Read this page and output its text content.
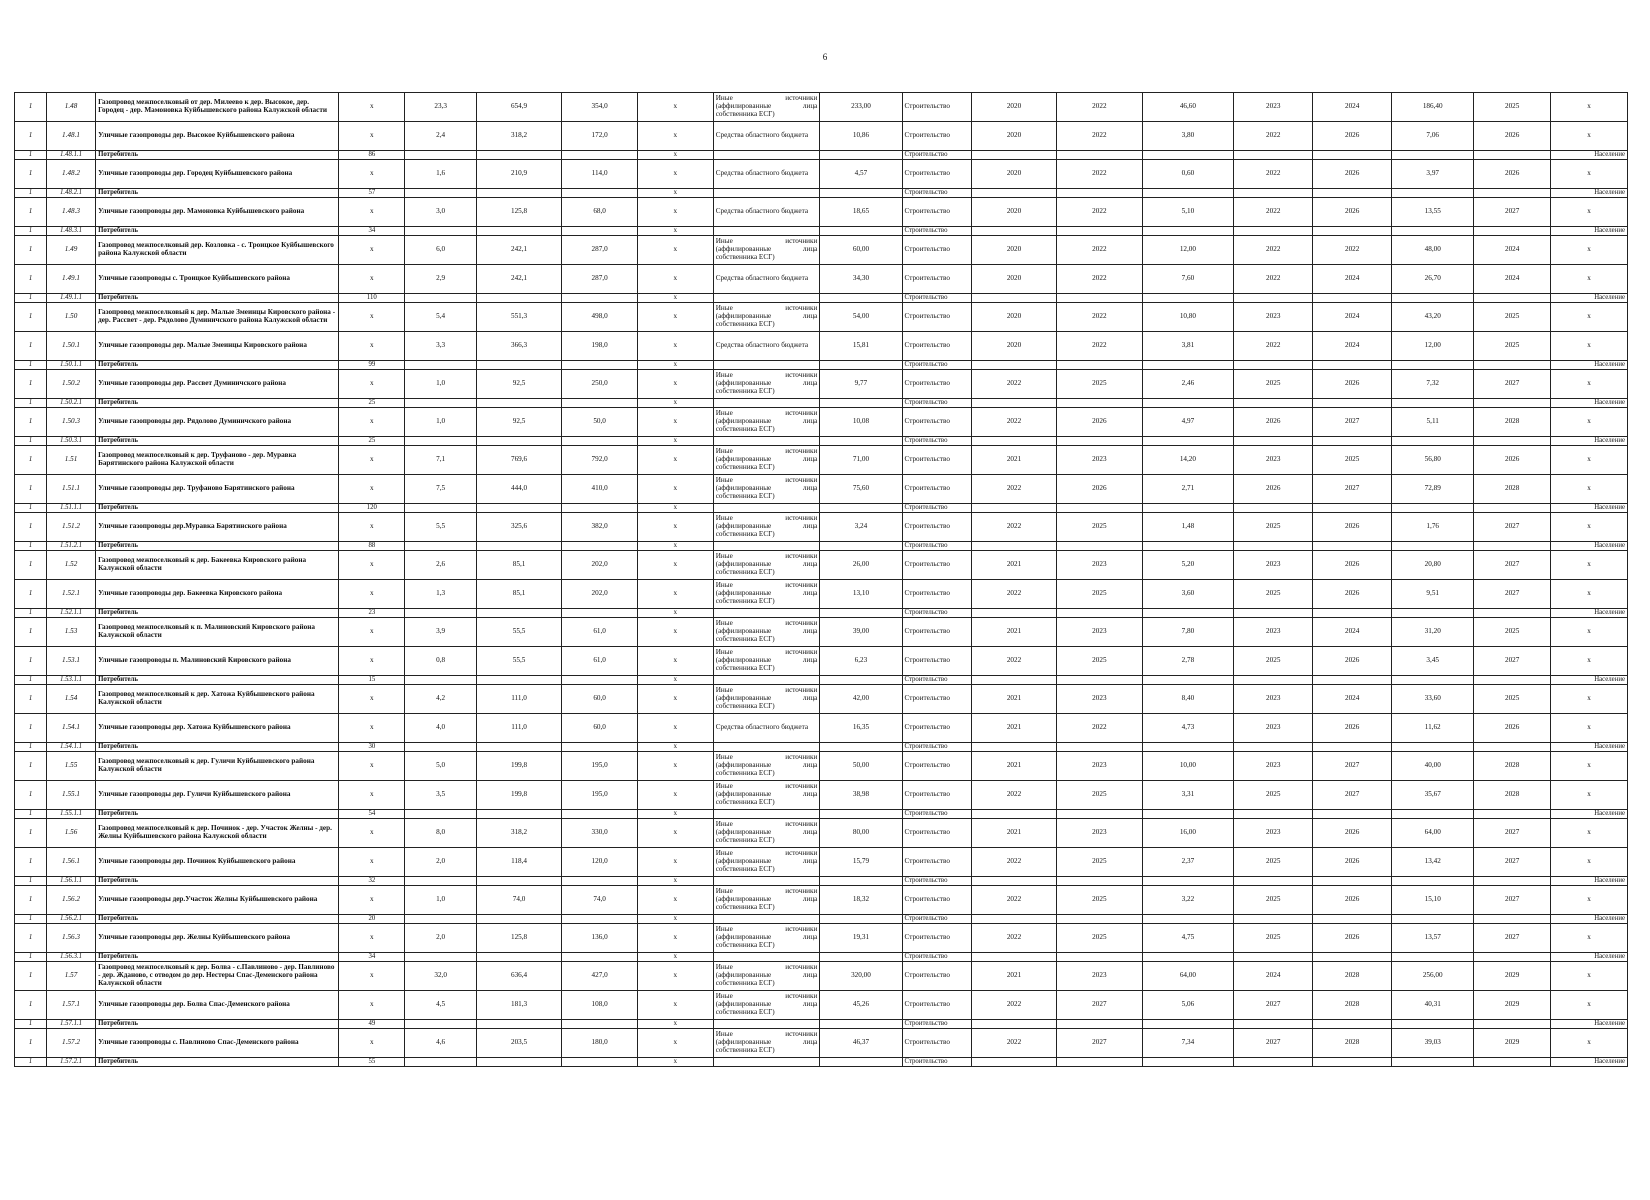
6
1	1.48	Газопровод межпоселковый от дер. Милеево к дер. Высокое, дер. Городец - дер. Мамоновка Куйбышевского района Калужской области	x	23,3	654,9	354,0	x	Иные источники (аффилированные лица собственника ЕСГ)	233,00	Строительство	2020	2022	46,60	2023	2024	186,40	2025	x
1	1.48.1	Уличные газопроводы дер. Высокое Куйбышевского района	x	2,4	318,2	172,0	x	Средства областного бюджета	10,86	Строительство	2020	2022	3,80	2022	2026	7,06	2026	x
1	1.48.1.1	Потребитель	86				x			Строительство								Население
1	1.48.2	Уличные газопроводы дер. Городец Куйбышевского района	x	1,6	210,9	114,0	x	Средства областного бюджета	4,57	Строительство	2020	2022	0,60	2022	2026	3,97	2026	x
1	1.48.2.1	Потребитель	57				x			Строительство								Население
1	1.48.3	Уличные газопроводы дер. Мамоновка Куйбышевского района	x	3,0	125,8	68,0	x	Средства областного бюджета	18,65	Строительство	2020	2022	5,10	2022	2026	13,55	2027	x
1	1.48.3.1	Потребитель	34				x			Строительство								Население
1	1.49	Газопровод межпоселковый дер. Козловка - с. Троицкое Куйбышевского района Калужской области	x	6,0	242,1	287,0	x	Иные источники (аффилированные лица собственника ЕСГ)	60,00	Строительство	2020	2022	12,00	2022	2022	48,00	2024	x
1	1.49.1	Уличные газопроводы с. Троицкое Куйбышевского района	x	2,9	242,1	287,0	x	Средства областного бюджета	34,30	Строительство	2020	2022	7,60	2022	2024	26,70	2024	x
1	1.49.1.1	Потребитель	110				x			Строительство								Население
1	1.50	Газопровод межпоселковый к дер. Малые Змеинцы Кировского района - дер. Рассвет - дер. Рядолово Думиничского района Калужской области	x	5,4	551,3	498,0	x	Иные источники (аффилированные лица собственника ЕСГ)	54,00	Строительство	2020	2022	10,80	2023	2024	43,20	2025	x
1	1.50.1	Уличные газопроводы дер. Малые Змеинцы Кировского района	x	3,3	366,3	198,0	x	Средства областного бюджета	15,81	Строительство	2020	2022	3,81	2022	2024	12,00	2025	x
1	1.50.1.1	Потребитель	99				x			Строительство								Население
1	1.50.2	Уличные газопроводы дер. Рассвет Думиничского района	x	1,0	92,5	250,0	x	Иные источники (аффилированные лица собственника ЕСГ)	9,77	Строительство	2022	2025	2,46	2025	2026	7,32	2027	x
1	1.50.2.1	Потребитель	25				x			Строительство								Население
1	1.50.3	Уличные газопроводы дер. Рядолово Думиничского района	x	1,0	92,5	50,0	x	Иные источники (аффилированные лица собственника ЕСГ)	10,08	Строительство	2022	2026	4,97	2026	2027	5,11	2028	x
1	1.50.3.1	Потребитель	25				x			Строительство								Население
1	1.51	Газопровод межпоселковый к дер. Труфаново - дер. Муравка Барятинского района Калужской области	x	7,1	769,6	792,0	x	Иные источники (аффилированные лица собственника ЕСГ)	71,00	Строительство	2021	2023	14,20	2023	2025	56,80	2026	x
1	1.51.1	Уличные газопроводы дер. Труфаново Барятинского района	x	7,5	444,0	410,0	x	Иные источники (аффилированные лица собственника ЕСГ)	75,60	Строительство	2022	2026	2,71	2026	2027	72,89	2028	x
1	1.51.1.1	Потребитель	120				x			Строительство								Население
1	1.51.2	Уличные газопроводы дер.Муравка Барятинского района	x	5,5	325,6	382,0	x	Иные источники (аффилированные лица собственника ЕСГ)	3,24	Строительство	2022	2025	1,48	2025	2026	1,76	2027	x
1	1.51.2.1	Потребитель	88				x			Строительство								Население
1	1.52	Газопровод межпоселковый к дер. Бакеевка Кировского района Калужской области	x	2,6	85,1	202,0	x	Иные источники (аффилированные лица собственника ЕСГ)	26,00	Строительство	2021	2023	5,20	2023	2026	20,80	2027	x
1	1.52.1	Уличные газопроводы дер. Бакеевка Кировского района	x	1,3	85,1	202,0	x	Иные источники (аффилированные лица собственника ЕСГ)	13,10	Строительство	2022	2025	3,60	2025	2026	9,51	2027	x
1	1.52.1.1	Потребитель	23				x			Строительство								Население
1	1.53	Газопровод межпоселковый к п. Малиновский Кировского района Калужской области	x	3,9	55,5	61,0	x	Иные источники (аффилированные лица собственника ЕСГ)	39,00	Строительство	2021	2023	7,80	2023	2024	31,20	2025	x
1	1.53.1	Уличные газопроводы п. Малиновский Кировского района	x	0,8	55,5	61,0	x	Иные источники (аффилированные лица собственника ЕСГ)	6,23	Строительство	2022	2025	2,78	2025	2026	3,45	2027	x
1	1.53.1.1	Потребитель	15				x			Строительство								Население
1	1.54	Газопровод межпоселковый к дер. Хатожа Куйбышевского района Калужской области	x	4,2	111,0	60,0	x	Иные источники (аффилированные лица собственника ЕСГ)	42,00	Строительство	2021	2023	8,40	2023	2024	33,60	2025	x
1	1.54.1	Уличные газопроводы дер. Хатожа Куйбышевского района	x	4,0	111,0	60,0	x	Средства областного бюджета	16,35	Строительство	2021	2022	4,73	2023	2026	11,62	2026	x
1	1.54.1.1	Потребитель	30				x			Строительство								Население
1	1.55	Газопровод межпоселковый к дер. Гуличи Куйбышевского района Калужской области	x	5,0	199,8	195,0	x	Иные источники (аффилированные лица собственника ЕСГ)	50,00	Строительство	2021	2023	10,00	2023	2027	40,00	2028	x
1	1.55.1	Уличные газопроводы дер. Гуличи Куйбышевского района	x	3,5	199,8	195,0	x	Иные источники (аффилированные лица собственника ЕСГ)	38,98	Строительство	2022	2025	3,31	2025	2027	35,67	2028	x
1	1.55.1.1	Потребитель	54				x			Строительство								Население
1	1.56	Газопровод межпоселковый к дер. Починок - дер. Участок Желны - дер. Желны Куйбышевского района Калужской области	x	8,0	318,2	330,0	x	Иные источники (аффилированные лица собственника ЕСГ)	80,00	Строительство	2021	2023	16,00	2023	2026	64,00	2027	x
1	1.56.1	Уличные газопроводы дер. Починок Куйбышевского района	x	2,0	118,4	120,0	x	Иные источники (аффилированные лица собственника ЕСГ)	15,79	Строительство	2022	2025	2,37	2025	2026	13,42	2027	x
1	1.56.1.1	Потребитель	32				x			Строительство								Население
1	1.56.2	Уличные газопроводы дер.Участок Желны Куйбышевского района	x	1,0	74,0	74,0	x	Иные источники (аффилированные лица собственника ЕСГ)	18,32	Строительство	2022	2025	3,22	2025	2026	15,10	2027	x
1	1.56.2.1	Потребитель	20				x			Строительство								Население
1	1.56.3	Уличные газопроводы дер. Желны Куйбышевского района	x	2,0	125,8	136,0	x	Иные источники (аффилированные лица собственника ЕСГ)	19,31	Строительство	2022	2025	4,75	2025	2026	13,57	2027	x
1	1.56.3.1	Потребитель	34				x			Строительство								Население
1	1.57	Газопровод межпоселковый к дер. Болва - с.Павлиново - дер. Павлиново - дер. Жданово, с отводом до дер. Нестеры Спас-Деменского района Калужской области	x	32,0	636,4	427,0	x	Иные источники (аффилированные лица собственника ЕСГ)	320,00	Строительство	2021	2023	64,00	2024	2028	256,00	2029	x
1	1.57.1	Уличные газопроводы дер. Болва Спас-Деменского района	x	4,5	181,3	108,0	x	Иные источники (аффилированные лица собственника ЕСГ)	45,26	Строительство	2022	2027	5,06	2027	2028	40,31	2029	x
1	1.57.1.1	Потребитель	49				x			Строительство								Население
1	1.57.2	Уличные газопроводы с. Павлиново Спас-Деменского района	x	4,6	203,5	180,0	x	Иные источники (аффилированные лица собственника ЕСГ)	46,37	Строительство	2022	2027	7,34	2027	2028	39,03	2029	x
1	1.57.2.1	Потребитель	55				x			Строительство								Население
